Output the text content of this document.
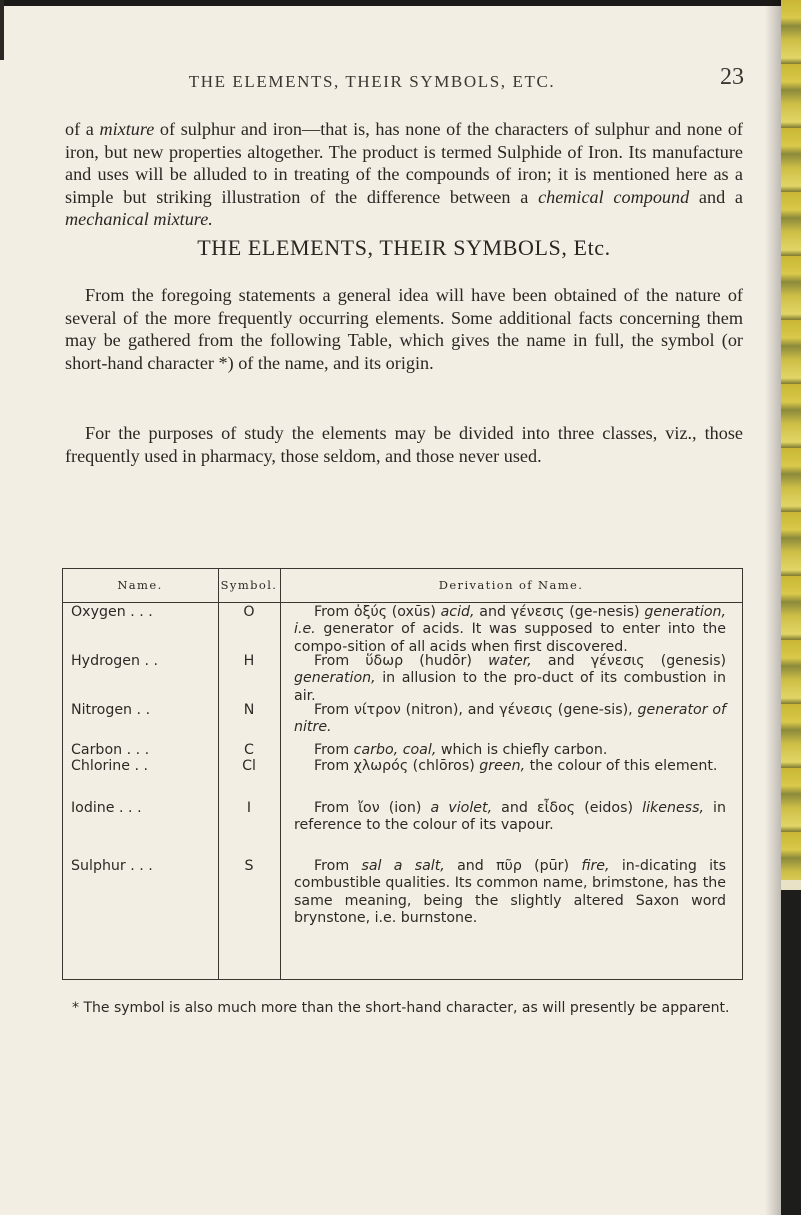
THE ELEMENTS, THEIR SYMBOLS, ETC.	23
of a mixture of sulphur and iron—that is, has none of the characters of sulphur and none of iron, but new properties altogether. The product is termed Sulphide of Iron. Its manufacture and uses will be alluded to in treating of the compounds of iron; it is mentioned here as a simple but striking illustration of the difference between a chemical compound and a mechanical mixture.
THE ELEMENTS, THEIR SYMBOLS, Etc.
From the foregoing statements a general idea will have been obtained of the nature of several of the more frequently occurring elements. Some additional facts concerning them may be gathered from the following Table, which gives the name in full, the symbol (or short-hand character *) of the name, and its origin.
For the purposes of study the elements may be divided into three classes, viz., those frequently used in pharmacy, those seldom, and those never used.
Name.	Symbol.	Derivation of Name.
Oxygen . . .	O	From ὀξύς (oxūs) acid, and γένεσις (ge-nesis) generation, i.e. generator of acids. It was supposed to enter into the compo-sition of all acids when first discovered.
Hydrogen . .	H	From ὕδωρ (hudōr) water, and γένεσις (genesis) generation, in allusion to the pro-duct of its combustion in air.
Nitrogen . .	N	From νίτρον (nitron), and γένεσις (gene-sis), generator of nitre.
Carbon . . .	C	From carbo, coal, which is chiefly carbon.
Chlorine . .	Cl	From χλωρός (chlōros) green, the colour of this element.
Iodine . . .	I	From ἴον (ion) a violet, and εἶδος (eidos) likeness, in reference to the colour of its vapour.
Sulphur . . .	S	From sal a salt, and πῦρ (pūr) fire, in-dicating its combustible qualities. Its common name, brimstone, has the same meaning, being the slightly altered Saxon word brynstone, i.e. burnstone.
* The symbol is also much more than the short-hand character, as will presently be apparent.
